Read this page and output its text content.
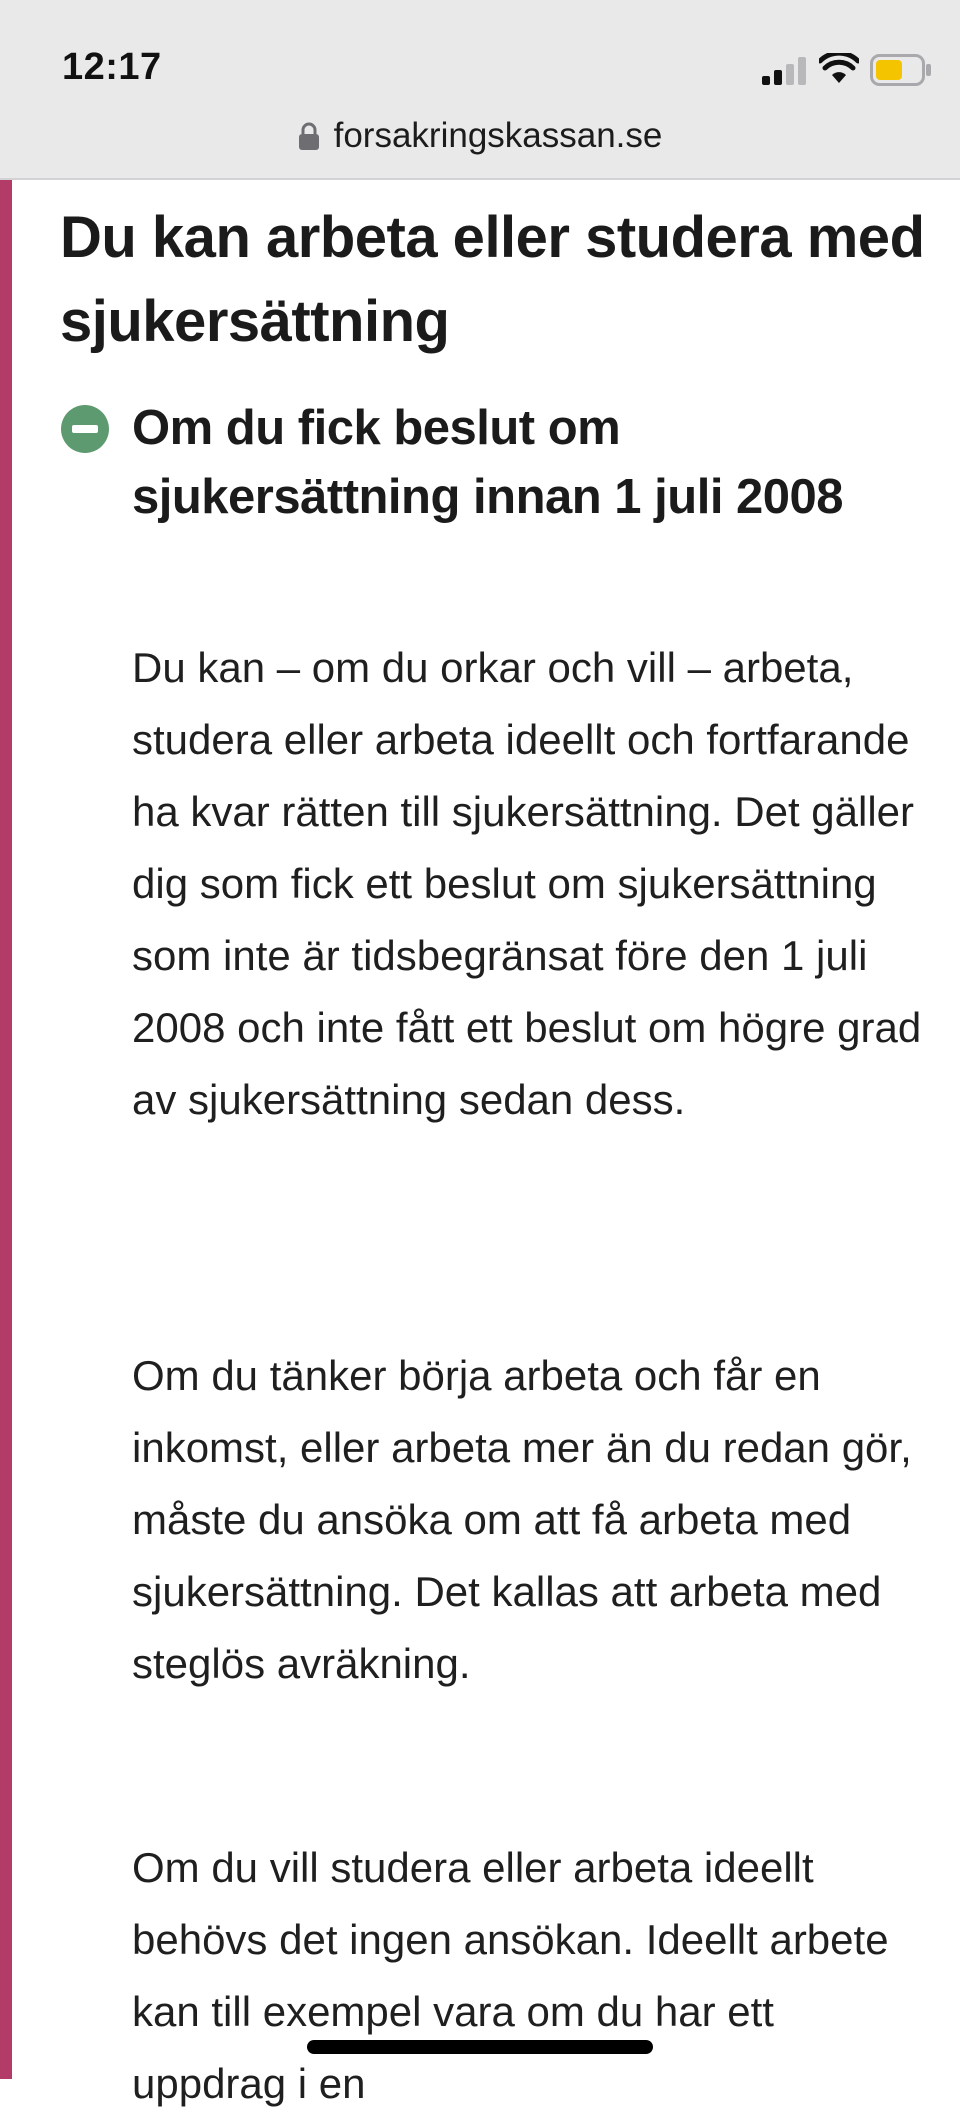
12:17
forsakringskassan.se
Du kan arbeta eller studera med sjukersättning
Om du fick beslut om sjukersättning innan 1 juli 2008

Du kan – om du orkar och vill – arbeta, studera eller arbeta ideellt och fortfarande ha kvar rätten till sjukersättning. Det gäller dig som fick ett beslut om sjukersättning som inte är tidsbegränsat före den 1 juli 2008 och inte fått ett beslut om högre grad av sjukersättning sedan dess.

Om du tänker börja arbeta och får en inkomst, eller arbeta mer än du redan gör, måste du ansöka om att få arbeta med sjukersättning. Det kallas att arbeta med steglös avräkning.

Om du vill studera eller arbeta ideellt behövs det ingen ansökan. Ideellt arbete kan till exempel vara om du har ett uppdrag i en
